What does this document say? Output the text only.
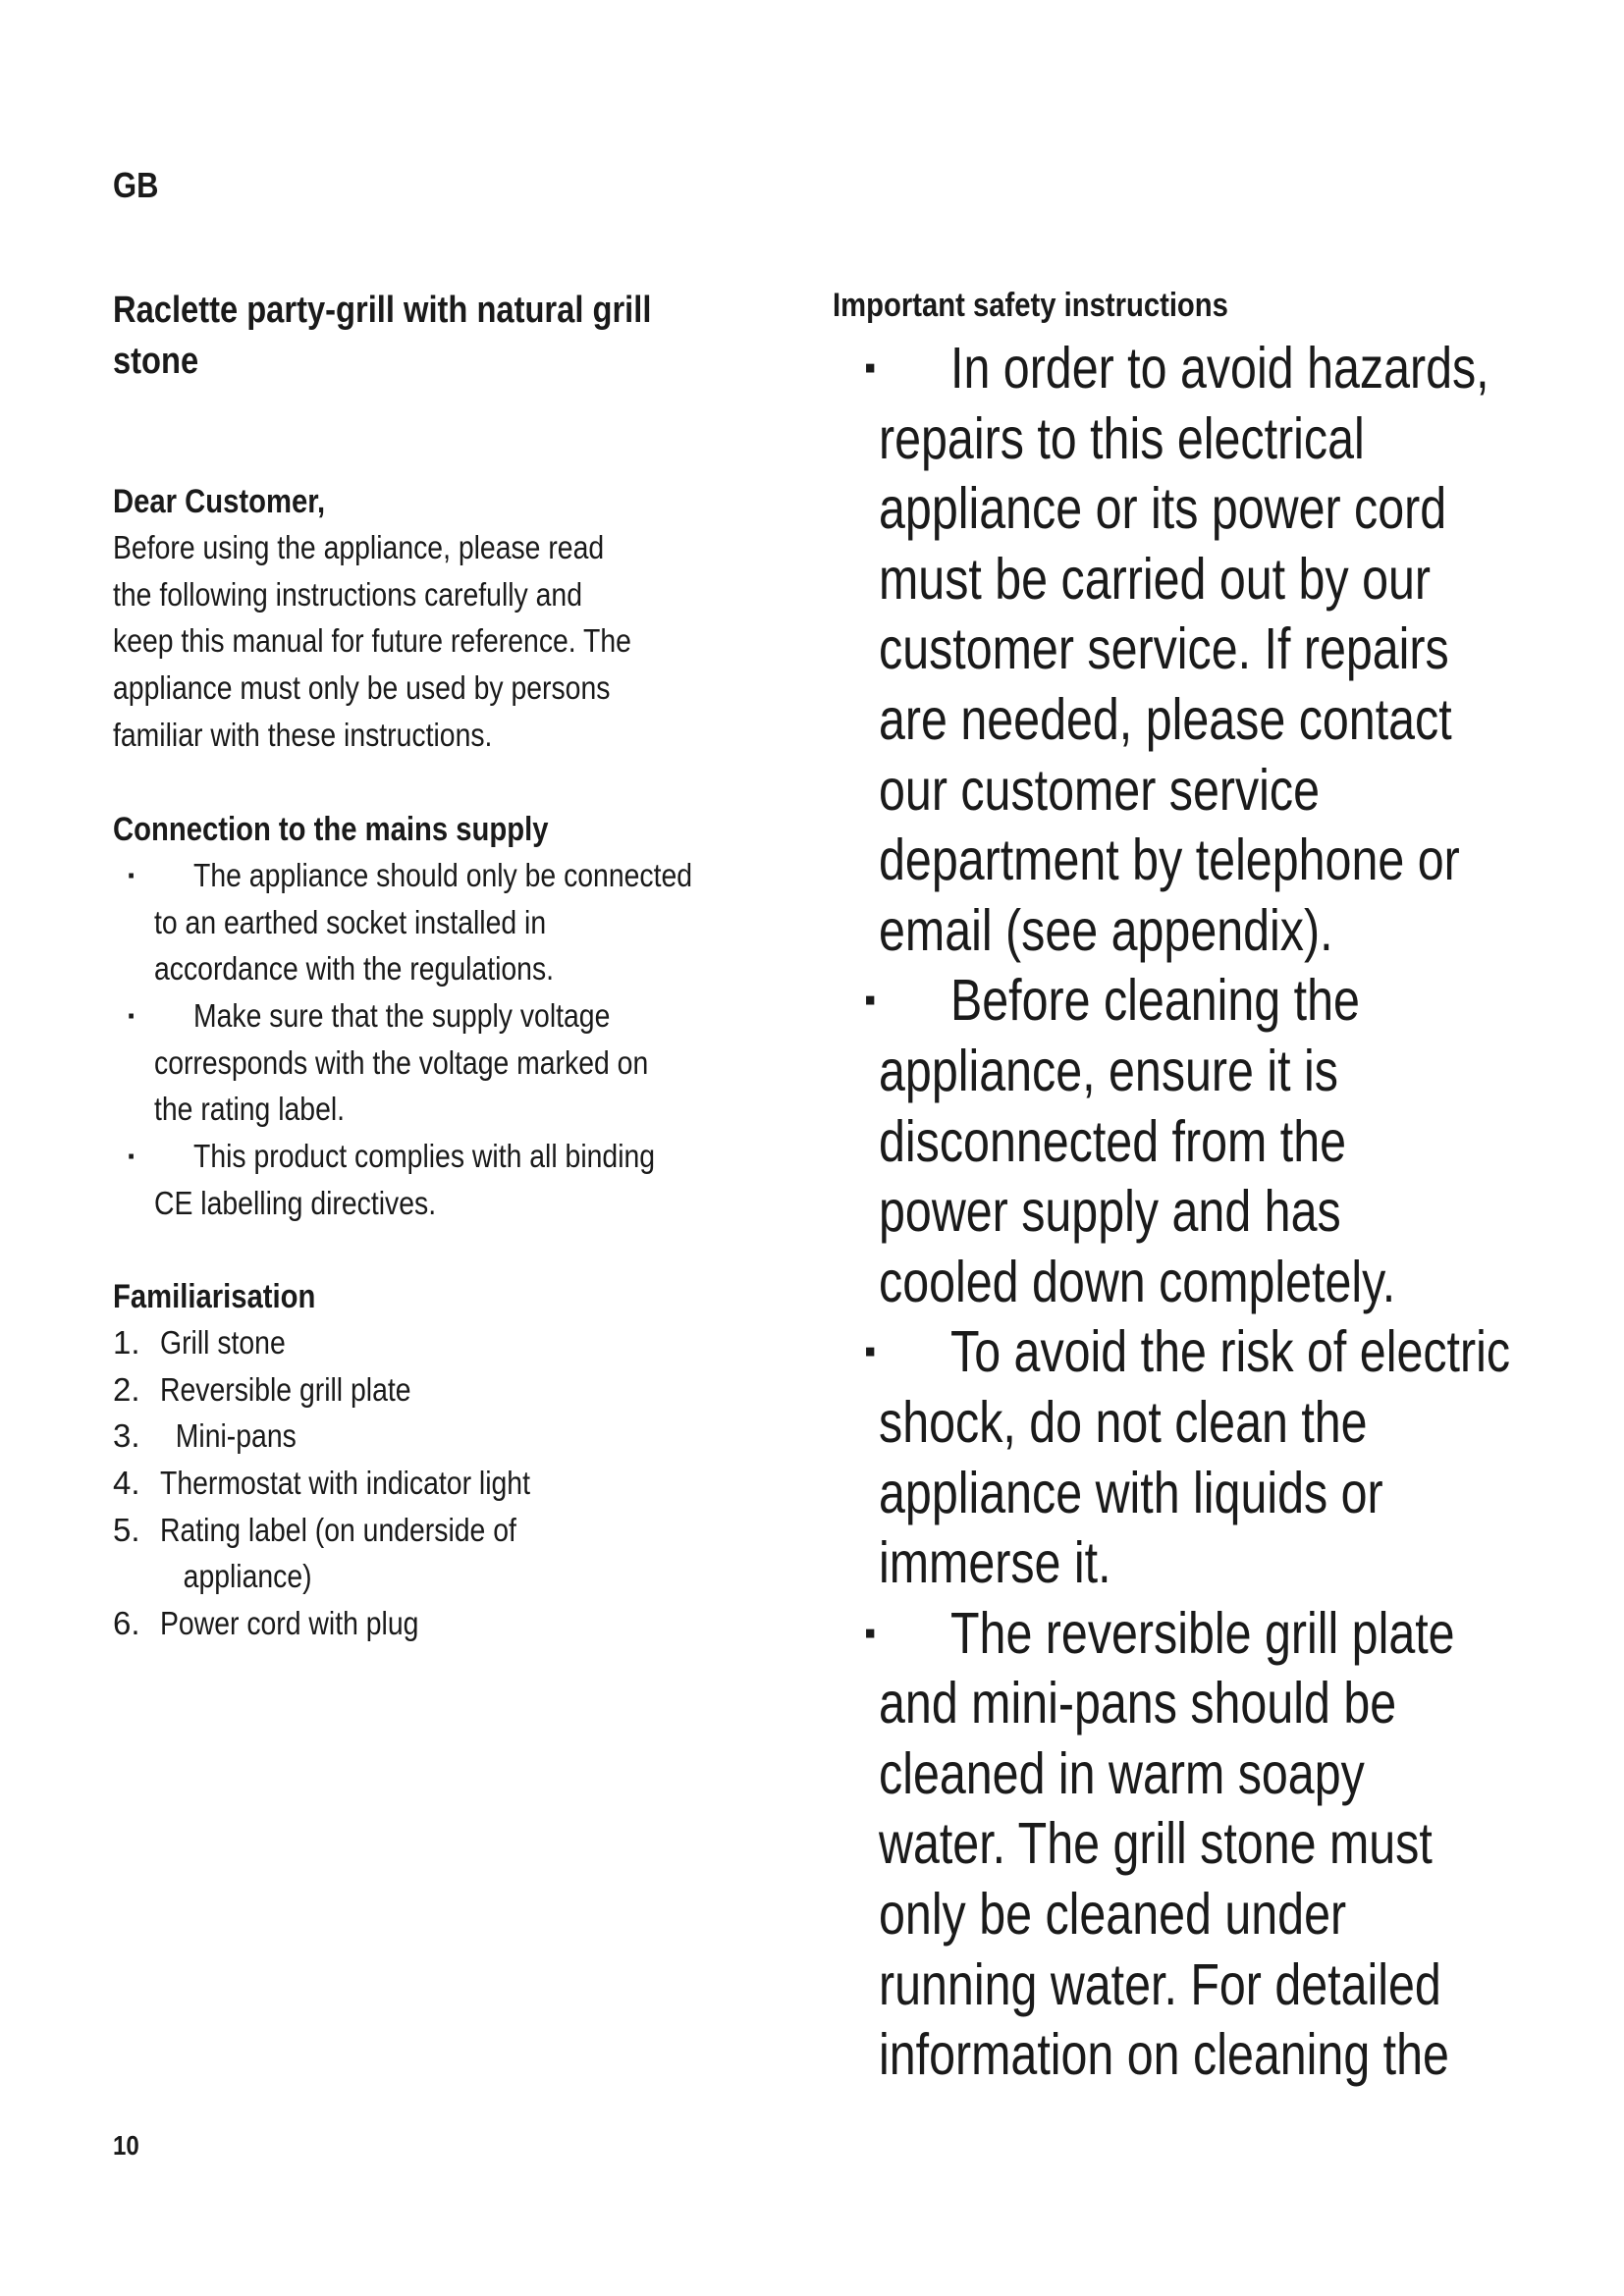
GB
Raclette party-grill with natural grill
stone
Dear Customer,
Before using the appliance, please read
the following instructions carefully and
keep this manual for future reference. The
appliance must only be used by persons
familiar with these instructions.
Connection to the mains supply
·	The appliance should only be connected
to an earthed socket installed in
accordance with the regulations.
·	Make sure that the supply voltage
corresponds with the voltage marked on
the rating label.
·	This product complies with all binding
CE labelling directives.
Familiarisation
1. Grill stone
2. Reversible grill plate
3. Mini-pans
4. Thermostat with indicator light
5. Rating label (on underside of
appliance)
6. Power cord with plug
Important safety instructions
·	In order to avoid hazards,
repairs to this electrical
appliance or its power cord
must be carried out by our
customer service. If repairs
are needed, please contact
our customer service
department by telephone or
email (see appendix).
·	Before cleaning the
appliance, ensure it is
disconnected from the
power supply and has
cooled down completely.
·	To avoid the risk of electric
shock, do not clean the
appliance with liquids or
immerse it.
·	The reversible grill plate
and mini-pans should be
cleaned in warm soapy
water. The grill stone must
only be cleaned under
running water. For detailed
information on cleaning the
10
